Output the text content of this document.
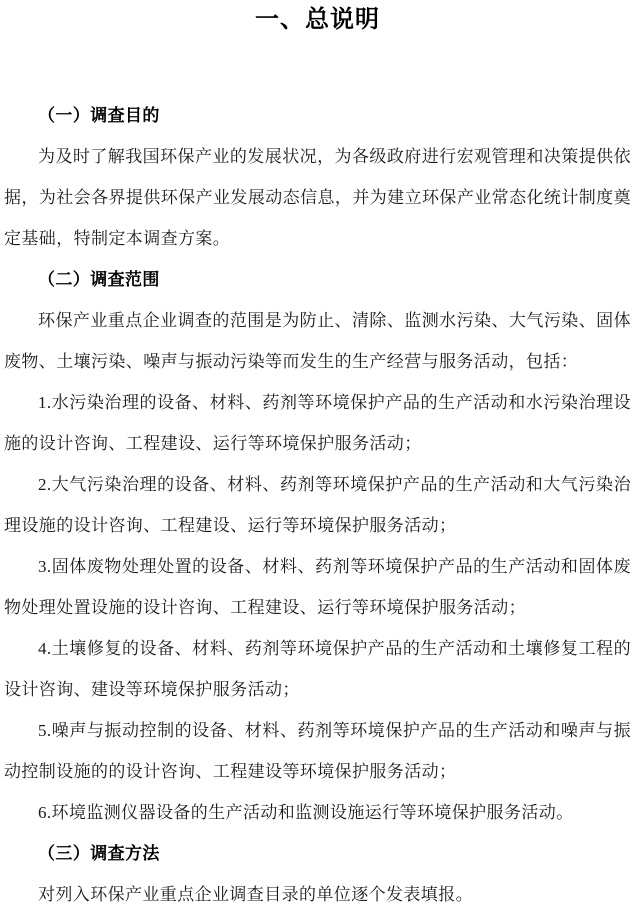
一、总说明
（一）调查目的

为及时了解我国环保产业的发展状况，为各级政府进行宏观管理和决策提供依据，为社会各界提供环保产业发展动态信息，并为建立环保产业常态化统计制度奠定基础，特制定本调查方案。

（二）调查范围

环保产业重点企业调查的范围是为防止、清除、监测水污染、大气污染、固体废物、土壤污染、噪声与振动污染等而发生的生产经营与服务活动，包括：

1.水污染治理的设备、材料、药剂等环境保护产品的生产活动和水污染治理设施的设计咨询、工程建设、运行等环境保护服务活动；

2.大气污染治理的设备、材料、药剂等环境保护产品的生产活动和大气污染治理设施的设计咨询、工程建设、运行等环境保护服务活动；

3.固体废物处理处置的设备、材料、药剂等环境保护产品的生产活动和固体废物处理处置设施的设计咨询、工程建设、运行等环境保护服务活动；

4.土壤修复的设备、材料、药剂等环境保护产品的生产活动和土壤修复工程的设计咨询、建设等环境保护服务活动；

5.噪声与振动控制的设备、材料、药剂等环境保护产品的生产活动和噪声与振动控制设施的的设计咨询、工程建设等环境保护服务活动；

6.环境监测仪器设备的生产活动和监测设施运行等环境保护服务活动。

（三）调查方法

对列入环保产业重点企业调查目录的单位逐个发表填报。
